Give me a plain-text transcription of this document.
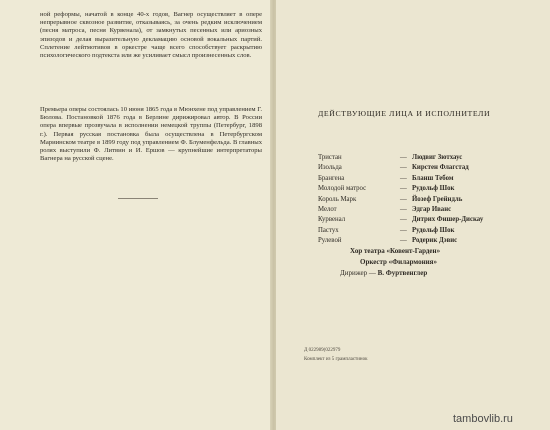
ной реформы, начатой в конце 40-х годов, Вагнер осуществляет в опере непрерывное сквозное развитие, отказываясь, за очень редким исключением (песня матроса, песня Курвенала), от замкнутых песенных или ариозных эпизодов и делая выразительную декламацию основой вокальных партий. Сплетение лейтмотивов в оркестре чаще всего способствует раскрытию психологического подтекста или же усиливает смысл произнесенных слов.

Премьера оперы состоялась 10 июня 1865 года в Мюнхене под управлением Г. Бюлова. Постановкой 1876 года в Берлине дирижировал автор. В России опера впервые прозвучала в исполнении немецкой труппы (Петербург, 1898 г.). Первая русская постановка была осуществлена в Петербургском Мариинском театре в 1899 году под управлением Ф. Блуменфельда. В главных ролях выступили Ф. Литвин и И. Ершов — крупнейшие интерпретаторы Вагнера на русской сцене.

ДЕЙСТВУЮЩИЕ ЛИЦА И ИСПОЛНИТЕЛИ

Тристан	— Людвиг Зютхаус
Изольда	— Кирстен Флагстад
Брангена	— Бланш Тебом
Молодой матрос	— Рудольф Шок
Король Марк	— Йозеф Грейндль
Мелот	— Эдгар Иванс
Курвенал	— Дитрих Фишер-Дискау
Пастух	— Рудольф Шок
Рулевой	— Родерик Дэвис

Хор театра «Ковент-Гарден»

Оркестр «Филармония»

Дирижер — В. Фуртвенглер

Д 022989(022979

Комплект из 5 грампластинок

tambovlib.ru
